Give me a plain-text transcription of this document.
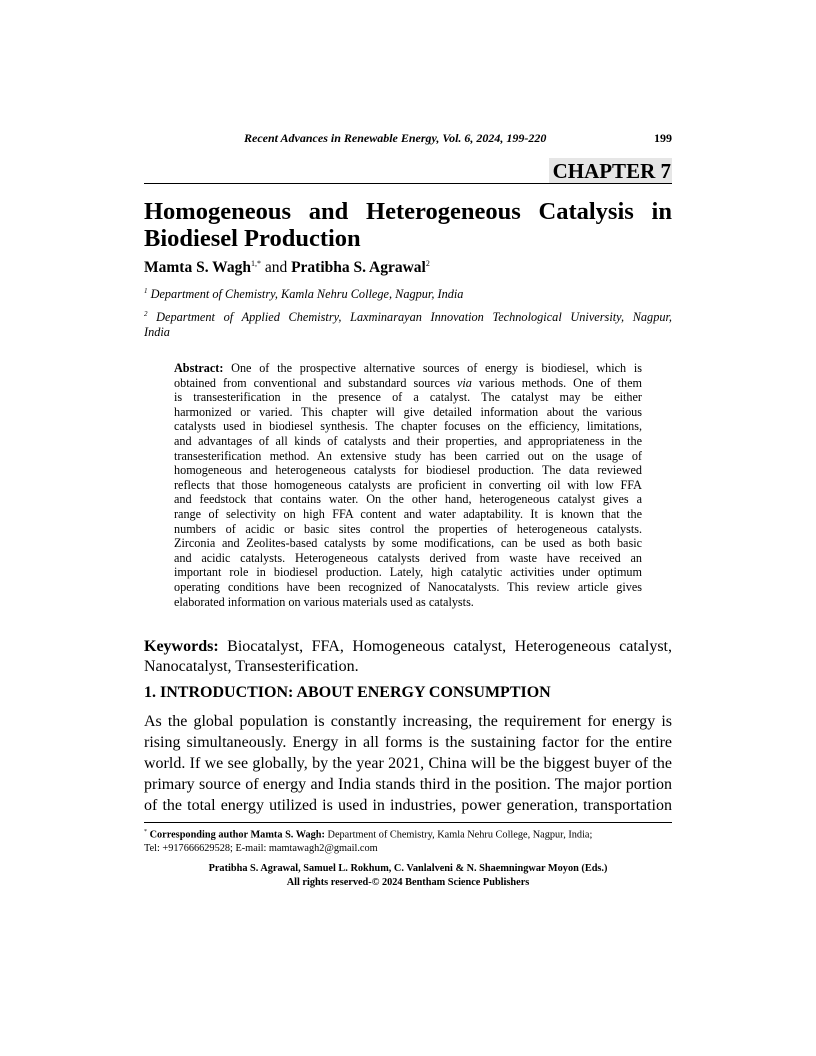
Recent Advances in Renewable Energy, Vol. 6, 2024, 199-220	199
CHAPTER 7
Homogeneous and Heterogeneous Catalysis in
Biodiesel Production
Mamta S. Wagh$^{1,*}$ and Pratibha S. Agrawal$^2$
$^1$ Department of Chemistry, Kamla Nehru College, Nagpur, India
$^2$ Department of Applied Chemistry, Laxminarayan Innovation Technological University, Nagpur,
India
Abstract: One of the prospective alternative sources of energy is biodiesel, which is
obtained from conventional and substandard sources via various methods. One of them
is transesterification in the presence of a catalyst. The catalyst may be either
harmonized or varied. This chapter will give detailed information about the various
catalysts used in biodiesel synthesis. The chapter focuses on the efficiency, limitations,
and advantages of all kinds of catalysts and their properties, and appropriateness in the
transesterification method. An extensive study has been carried out on the usage of
homogeneous and heterogeneous catalysts for biodiesel production. The data reviewed
reflects that those homogeneous catalysts are proficient in converting oil with low FFA
and feedstock that contains water. On the other hand, heterogeneous catalyst gives a
range of selectivity on high FFA content and water adaptability. It is known that the
numbers of acidic or basic sites control the properties of heterogeneous catalysts.
Zirconia and Zeolites-based catalysts by some modifications, can be used as both basic
and acidic catalysts. Heterogeneous catalysts derived from waste have received an
important role in biodiesel production. Lately, high catalytic activities under optimum
operating conditions have been recognized of Nanocatalysts. This review article gives
elaborated information on various materials used as catalysts.
Keywords: Biocatalyst, FFA, Homogeneous catalyst, Heterogeneous catalyst,
Nanocatalyst, Transesterification.
1. INTRODUCTION: ABOUT ENERGY CONSUMPTION
As the global population is constantly increasing, the requirement for energy is
rising simultaneously. Energy in all forms is the sustaining factor for the entire
world. If we see globally, by the year 2021, China will be the biggest buyer of the
primary source of energy and India stands third in the position. The major portion
of the total energy utilized is used in industries, power generation, transportation
* Corresponding author Mamta S. Wagh: Department of Chemistry, Kamla Nehru College, Nagpur, India;
Tel: +917666629528; E-mail: mamtawagh2@gmail.com
Pratibha S. Agrawal, Samuel L. Rokhum, C. Vanlalveni & N. Shaemningwar Moyon (Eds.)
All rights reserved-© 2024 Bentham Science Publishers
